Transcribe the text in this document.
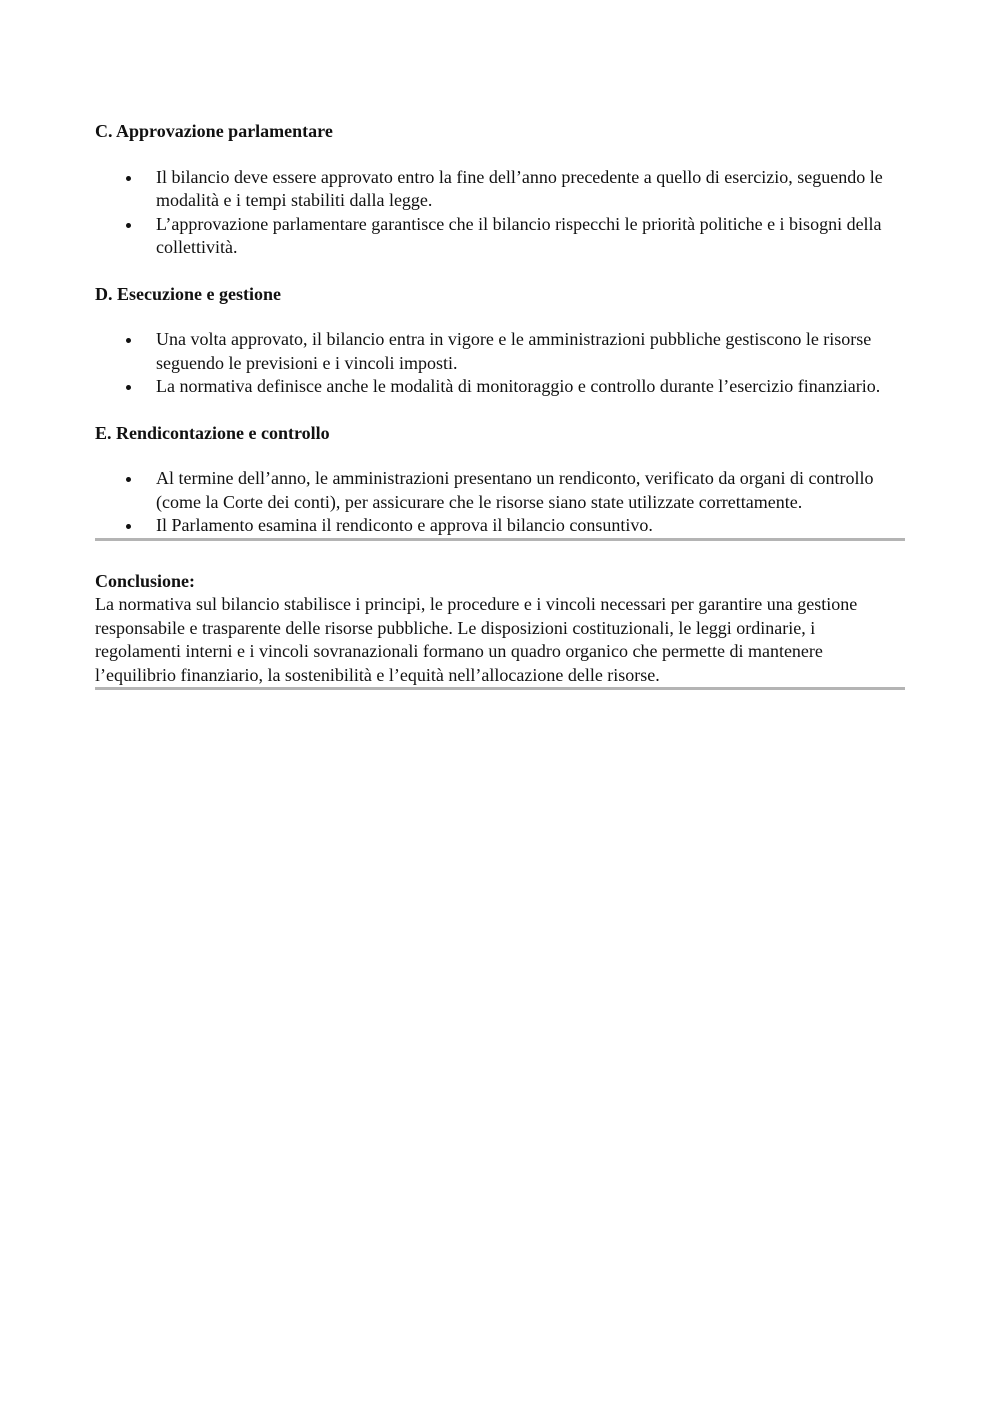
C. Approvazione parlamentare
Il bilancio deve essere approvato entro la fine dell’anno precedente a quello di esercizio, seguendo le modalità e i tempi stabiliti dalla legge.
L’approvazione parlamentare garantisce che il bilancio rispecchi le priorità politiche e i bisogni della collettività.
D. Esecuzione e gestione
Una volta approvato, il bilancio entra in vigore e le amministrazioni pubbliche gestiscono le risorse seguendo le previsioni e i vincoli imposti.
La normativa definisce anche le modalità di monitoraggio e controllo durante l’esercizio finanziario.
E. Rendicontazione e controllo
Al termine dell’anno, le amministrazioni presentano un rendiconto, verificato da organi di controllo (come la Corte dei conti), per assicurare che le risorse siano state utilizzate correttamente.
Il Parlamento esamina il rendiconto e approva il bilancio consuntivo.
Conclusione:

La normativa sul bilancio stabilisce i principi, le procedure e i vincoli necessari per garantire una gestione responsabile e trasparente delle risorse pubbliche. Le disposizioni costituzionali, le leggi ordinarie, i regolamenti interni e i vincoli sovranazionali formano un quadro organico che permette di mantenere l’equilibrio finanziario, la sostenibilità e l’equità nell’allocazione delle risorse.
